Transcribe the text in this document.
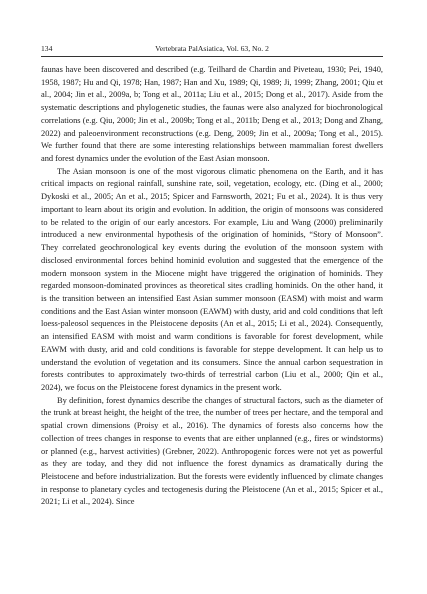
134	Vertebrata PalAsiatica, Vol. 63, No. 2

faunas have been discovered and described (e.g. Teilhard de Chardin and Piveteau, 1930; Pei, 1940, 1958, 1987; Hu and Qi, 1978; Han, 1987; Han and Xu, 1989; Qi, 1989; Ji, 1999; Zhang, 2001; Qiu et al., 2004; Jin et al., 2009a, b; Tong et al., 2011a; Liu et al., 2015; Dong et al., 2017). Aside from the systematic descriptions and phylogenetic studies, the faunas were also analyzed for biochronological correlations (e.g. Qiu, 2000; Jin et al., 2009b; Tong et al., 2011b; Deng et al., 2013; Dong and Zhang, 2022) and paleoenvironment reconstructions (e.g. Deng, 2009; Jin et al., 2009a; Tong et al., 2015). We further found that there are some interesting relationships between mammalian forest dwellers and forest dynamics under the evolution of the East Asian monsoon.

The Asian monsoon is one of the most vigorous climatic phenomena on the Earth, and it has critical impacts on regional rainfall, sunshine rate, soil, vegetation, ecology, etc. (Ding et al., 2000; Dykoski et al., 2005; An et al., 2015; Spicer and Farnsworth, 2021; Fu et al., 2024). It is thus very important to learn about its origin and evolution. In addition, the origin of monsoons was considered to be related to the origin of our early ancestors. For example, Liu and Wang (2000) preliminarily introduced a new environmental hypothesis of the origination of hominids, “Story of Monsoon”. They correlated geochronological key events during the evolution of the monsoon system with disclosed environmental forces behind hominid evolution and suggested that the emergence of the modern monsoon system in the Miocene might have triggered the origination of hominids. They regarded monsoon-dominated provinces as theoretical sites cradling hominids. On the other hand, it is the transition between an intensified East Asian summer monsoon (EASM) with moist and warm conditions and the East Asian winter monsoon (EAWM) with dusty, arid and cold conditions that left loess-paleosol sequences in the Pleistocene deposits (An et al., 2015; Li et al., 2024). Consequently, an intensified EASM with moist and warm conditions is favorable for forest development, while EAWM with dusty, arid and cold conditions is favorable for steppe development. It can help us to understand the evolution of vegetation and its consumers. Since the annual carbon sequestration in forests contributes to approximately two-thirds of terrestrial carbon (Liu et al., 2000; Qin et al., 2024), we focus on the Pleistocene forest dynamics in the present work.

By definition, forest dynamics describe the changes of structural factors, such as the diameter of the trunk at breast height, the height of the tree, the number of trees per hectare, and the temporal and spatial crown dimensions (Proisy et al., 2016). The dynamics of forests also concerns how the collection of trees changes in response to events that are either unplanned (e.g., fires or windstorms) or planned (e.g., harvest activities) (Grebner, 2022). Anthropogenic forces were not yet as powerful as they are today, and they did not influence the forest dynamics as dramatically during the Pleistocene and before industrialization. But the forests were evidently influenced by climate changes in response to planetary cycles and tectogenesis during the Pleistocene (An et al., 2015; Spicer et al., 2021; Li et al., 2024). Since
